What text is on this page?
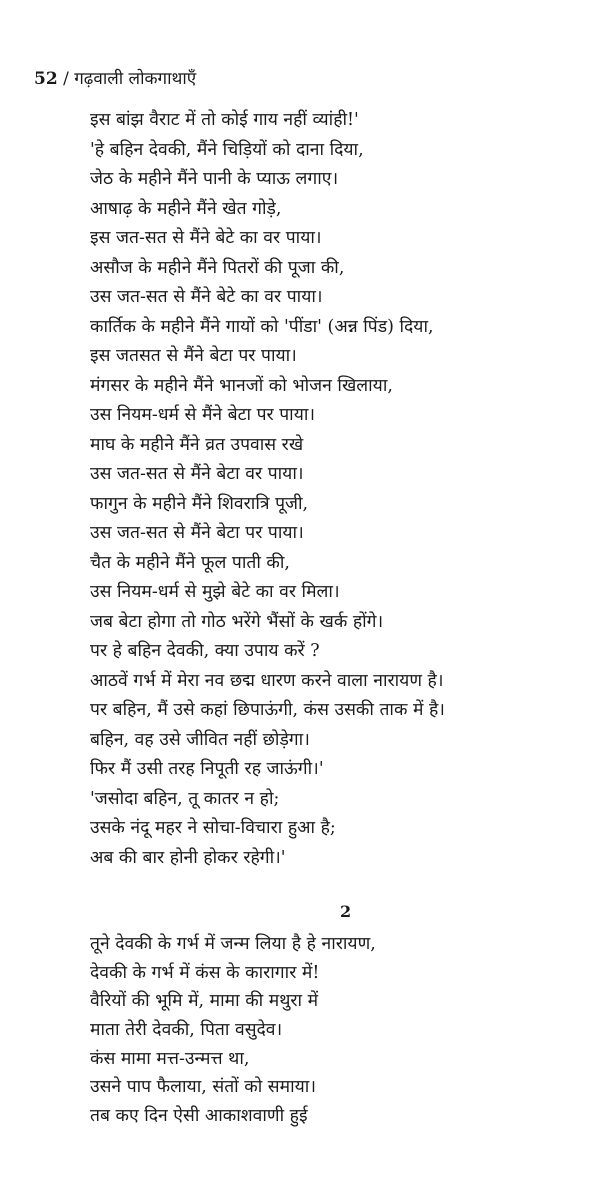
52 / गढ़वाली लोकगाथाएँ
इस बांझ वैराट में तो कोई गाय नहीं व्यांही!'
'हे बहिन देवकी, मैंने चिड़ियों को दाना दिया,
जेठ के महीने मैंने पानी के प्याऊ लगाए।
आषाढ़ के महीने मैंने खेत गोड़े,
इस जत-सत से मैंने बेटे का वर पाया।
असौज के महीने मैंने पितरों की पूजा की,
उस जत-सत से मैंने बेटे का वर पाया।
कार्तिक के महीने मैंने गायों को 'पींडा' (अन्न पिंड) दिया,
इस जतसत से मैंने बेटा पर पाया।
मंगसर के महीने मैंने भानजों को भोजन खिलाया,
उस नियम-धर्म से मैंने बेटा पर पाया।
माघ के महीने मैंने व्रत उपवास रखे
उस जत-सत से मैंने बेटा वर पाया।
फागुन के महीने मैंने शिवरात्रि पूजी,
उस जत-सत से मैंने बेटा पर पाया।
चैत के महीने मैंने फूल पाती की,
उस नियम-धर्म से मुझे बेटे का वर मिला।
जब बेटा होगा तो गोठ भरेंगे भैंसों के खर्क होंगे।
पर हे बहिन देवकी, क्या उपाय करें ?
आठवें गर्भ में मेरा नव छद्म धारण करने वाला नारायण है।
पर बहिन, मैं उसे कहां छिपाऊंगी, कंस उसकी ताक में है।
बहिन, वह उसे जीवित नहीं छोड़ेगा।
फिर मैं उसी तरह निपूती रह जाऊंगी।'
'जसोदा बहिन, तू कातर न हो;
उसके नंदू महर ने सोचा-विचारा हुआ है;
अब की बार होनी होकर रहेगी।'
2
तूने देवकी के गर्भ में जन्म लिया है हे नारायण,
देवकी के गर्भ में कंस के कारागार में!
वैरियों की भूमि में, मामा की मथुरा में
माता तेरी देवकी, पिता वसुदेव।
कंस मामा मत्त-उन्मत्त था,
उसने पाप फैलाया, संतों को समाया।
तब कए दिन ऐसी आकाशवाणी हुई
